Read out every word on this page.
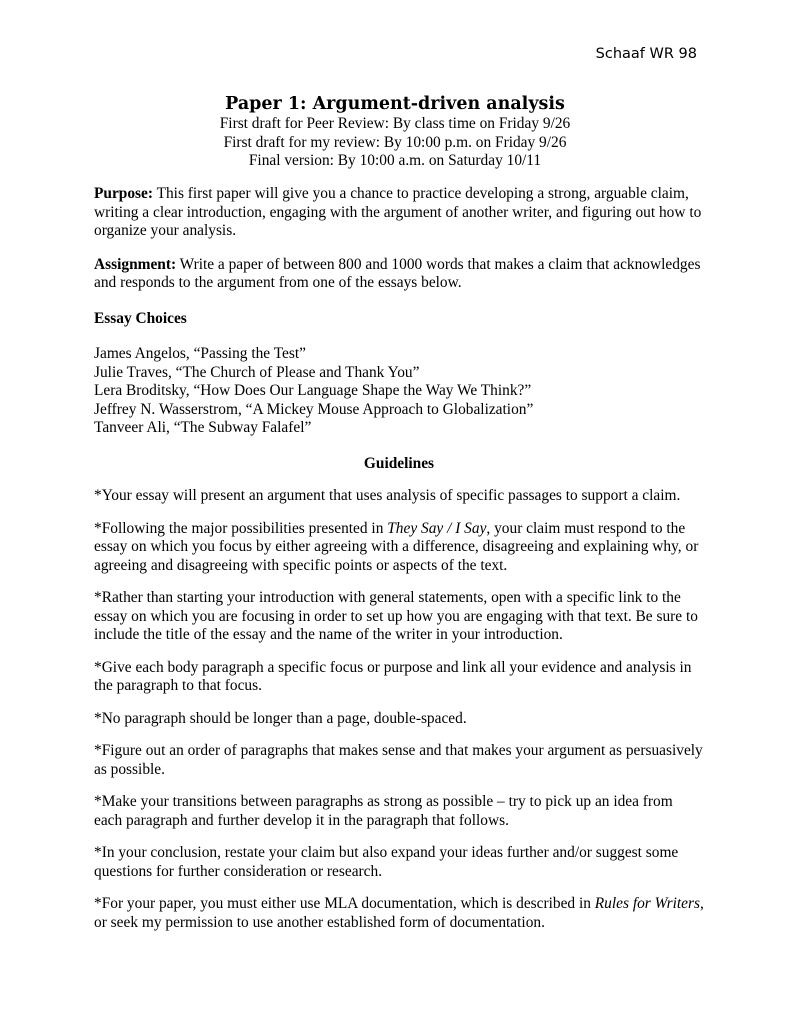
Schaaf WR 98
Paper 1: Argument-driven analysis
First draft for Peer Review: By class time on Friday 9/26
First draft for my review: By 10:00 p.m. on Friday 9/26
Final version: By 10:00 a.m. on Saturday 10/11

Purpose: This first paper will give you a chance to practice developing a strong, arguable claim, writing a clear introduction, engaging with the argument of another writer, and figuring out how to organize your analysis.

Assignment: Write a paper of between 800 and 1000 words that makes a claim that acknowledges and responds to the argument from one of the essays below.

Essay Choices
James Angelos, “Passing the Test”
Julie Traves, “The Church of Please and Thank You”
Lera Broditsky, “How Does Our Language Shape the Way We Think?”
Jeffrey N. Wasserstrom, “A Mickey Mouse Approach to Globalization”
Tanveer Ali, “The Subway Falafel”
Guidelines

*Your essay will present an argument that uses analysis of specific passages to support a claim.

*Following the major possibilities presented in They Say / I Say, your claim must respond to the essay on which you focus by either agreeing with a difference, disagreeing and explaining why, or agreeing and disagreeing with specific points or aspects of the text.

*Rather than starting your introduction with general statements, open with a specific link to the essay on which you are focusing in order to set up how you are engaging with that text. Be sure to include the title of the essay and the name of the writer in your introduction.

*Give each body paragraph a specific focus or purpose and link all your evidence and analysis in the paragraph to that focus.

*No paragraph should be longer than a page, double-spaced.

*Figure out an order of paragraphs that makes sense and that makes your argument as persuasively as possible.

*Make your transitions between paragraphs as strong as possible – try to pick up an idea from each paragraph and further develop it in the paragraph that follows.

*In your conclusion, restate your claim but also expand your ideas further and/or suggest some questions for further consideration or research.

*For your paper, you must either use MLA documentation, which is described in Rules for Writers, or seek my permission to use another established form of documentation.
